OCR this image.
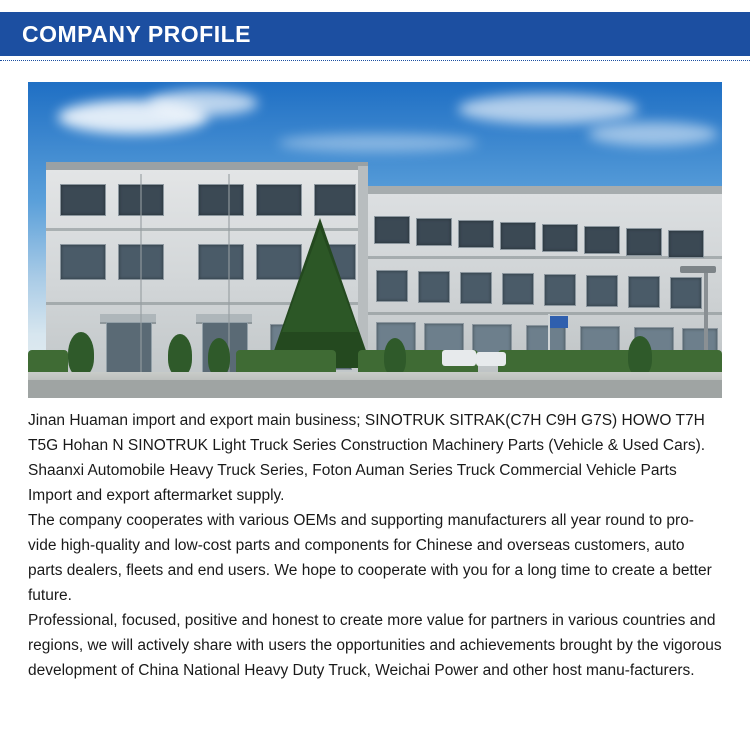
COMPANY PROFILE

Jinan Huaman import and export main business; SINOTRUK SITRAK(C7H C9H G7S) HOWO T7H T5G Hohan N SINOTRUK Light Truck Series Construction Machinery Parts (Vehicle & Used Cars).

Shaanxi Automobile Heavy Truck Series, Foton Auman Series Truck Commercial Vehicle Parts Import and export aftermarket supply.

The company cooperates with various OEMs and supporting manufacturers all year round to pro-vide high-quality and low-cost parts and components for Chinese and overseas customers, auto parts dealers, fleets and end users. We hope to cooperate with you for a long time to create a better future.

Professional, focused, positive and honest to create more value for partners in various countries and regions, we will actively share with users the opportunities and achievements brought by the vigorous development of China National Heavy Duty Truck, Weichai Power and other host manu-facturers.
